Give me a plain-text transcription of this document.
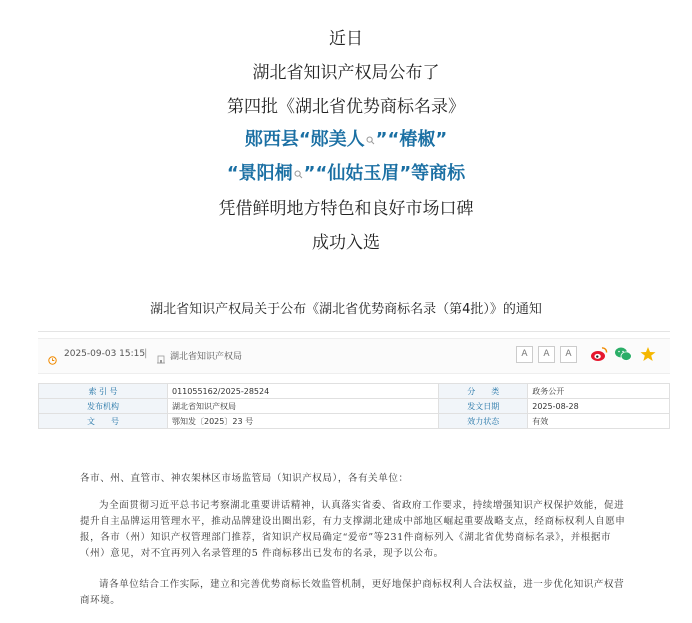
近日
湖北省知识产权局公布了
第四批《湖北省优势商标名录》
郧西县“郧美人 ”“椿椒”
“景阳桐 ”“仙姑玉眉”等商标
凭借鲜明地方特色和良好市场口碑
成功入选
湖北省知识产权局关于公布《湖北省优势商标名录（第4批）》的通知
2025-09-03 15:15
|	湖北省知识产权局	A	A	A
索 引 号	011055162/2025-28524	分　　类	政务公开
发布机构	湖北省知识产权局	发文日期	2025-08-28
文　　号	鄂知发〔2025〕23 号	效力状态	有效
各市、州、直管市、神农架林区市场监管局（知识产权局），各有关单位：
为全面贯彻习近平总书记考察湖北重要讲话精神，认真落实省委、省政府工作要求，持续增强知识产权保护效能，促进提升自主品牌运用管理水平，推动品牌建设出圈出彩，有力支撑湖北建成中部地区崛起重要战略支点，经商标权利人自愿申报，各市（州）知识产权管理部门推荐，省知识产权局确定“爱帝”等231件商标列入《湖北省优势商标名录》，并根据市（州）意见，对不宜再列入名录管理的5 件商标移出已发布的名录，现予以公布。
请各单位结合工作实际，建立和完善优势商标长效监管机制，更好地保护商标权利人合法权益，进一步优化知识产权营商环境。
